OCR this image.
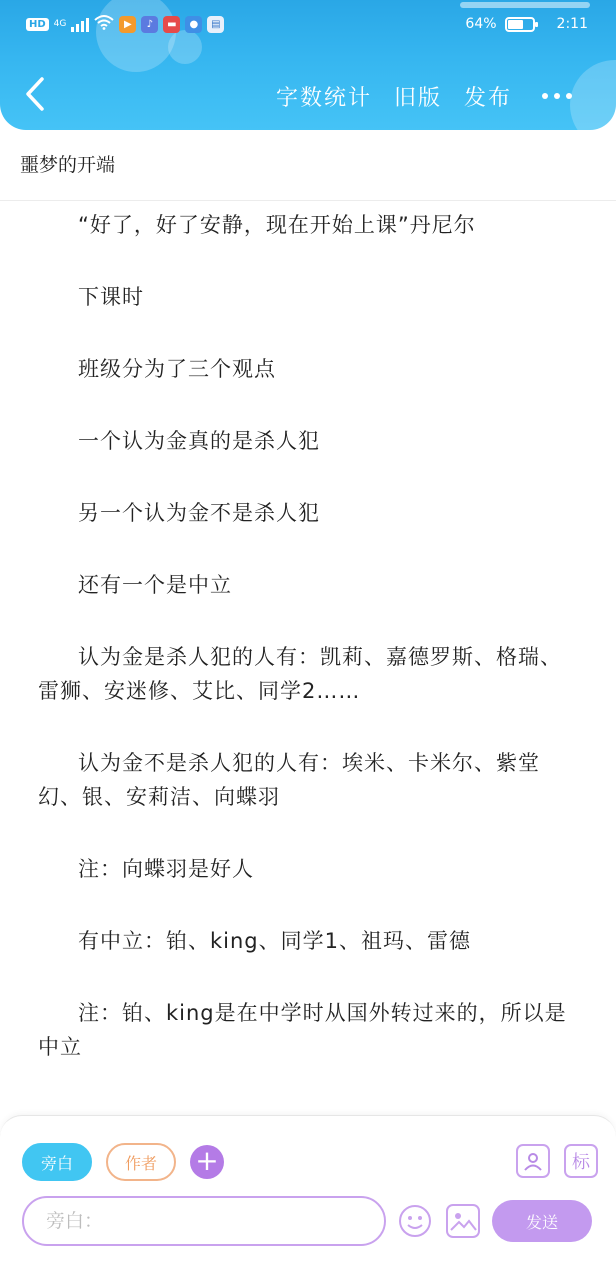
HD 4G	▶	♪	▬	●	▤	64%	2:11
字数统计 旧版 发布
噩梦的开端

“好了，好了安静，现在开始上课”丹尼尔

下课时

班级分为了三个观点

一个认为金真的是杀人犯

另一个认为金不是杀人犯

还有一个是中立

认为金是杀人犯的人有：凯莉、嘉德罗斯、格瑞、雷狮、安迷修、艾比、同学2……

认为金不是杀人犯的人有：埃米、卡米尔、紫堂幻、银、安莉洁、向蝶羽

注：向蝶羽是好人

有中立：铂、king、同学1、祖玛、雷德

注：铂、king是在中学时从国外转过来的，所以是中立

旁白	作者	+	标
旁白：
发送
